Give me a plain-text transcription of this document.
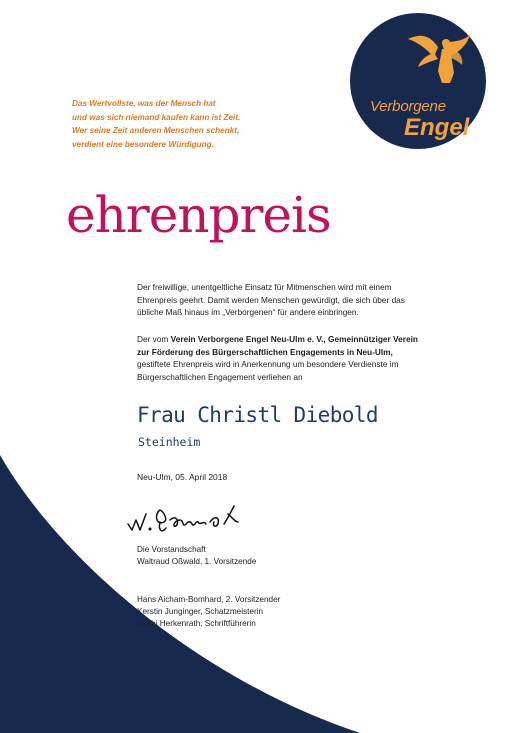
Das Wertvollste, was der Mensch hat
und was sich niemand kaufen kann ist Zeit.
Wer seine Zeit anderen Menschen schenkt,
verdient eine besondere Würdigung.
Verborgene
Engel
ehrenpreis
Der freiwillige, unentgeltliche Einsatz für Mitmenschen wird mit einem
Ehrenpreis geehrt. Damit werden Menschen gewürdigt, die sich über das
übliche Maß hinaus im „Verborgenen“ für andere einbringen.
Der vom Verein Verborgene Engel Neu-Ulm e. V., Gemeinnütziger Verein
zur Förderung des Bürgerschaftlichen Engagements in Neu-Ulm,
gestiftete Ehrenpreis wird in Anerkennung um besondere Verdienste im
Bürgerschaftlichen Engagement verliehen an
Frau Christl Diebold
Steinheim
Neu-Ulm, 05. April 2018
Die Vorstandschaft
Waltraud Oßwald, 1. Vorsitzende
Hans Aicham-Bomhard, 2. Vorsitzender
Kerstin Junginger, Schatzmeisterin
Uschi Herkenrath, Schriftführerin
